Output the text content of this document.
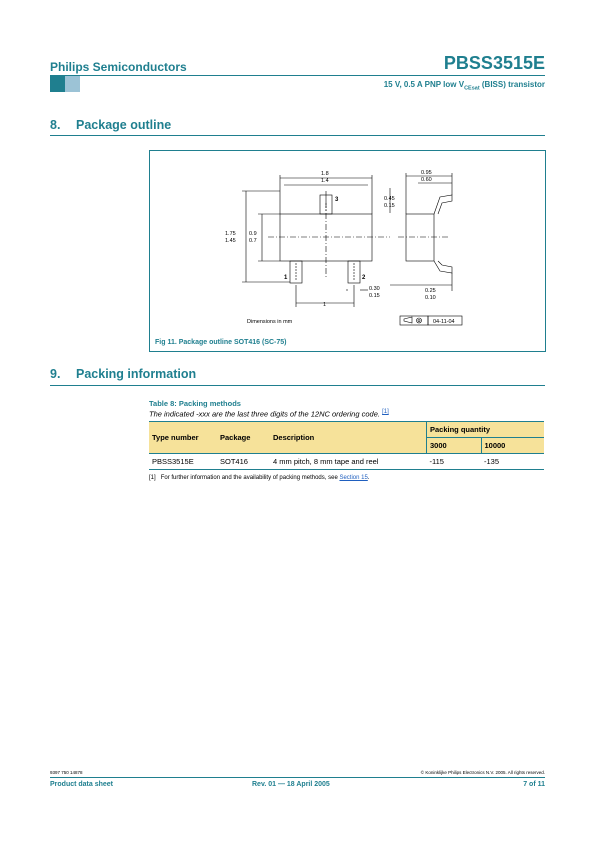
Philips Semiconductors	PBSS3515E
15 V, 0.5 A PNP low $V_{CEsat}$ (BISS) transistor
8. Package outline
1.8
1.4
1.75
1.45
0.9
0.7
0.30
0.15
1
0.95
0.60
0.45
0.15
0.25
0.10
Dimensions in mm	04-11-04
3
1	2
Fig 11. Package outline SOT416 (SC-75)
9. Packing information
Table 8: Packing methods
The indicated -xxx are the last three digits of the 12NC ordering code. [1]
Type number	Package	Description	Packing quantity	
			3000	10000
PBSS3515E	SOT416	4 mm pitch, 8 mm tape and reel	-115	-135
[1] For further information and the availability of packing methods, see Section 15.
9397 750 14878	© Koninklijke Philips Electronics N.V. 2005. All rights reserved.
Product data sheet	Rev. 01 — 18 April 2005	7 of 11
